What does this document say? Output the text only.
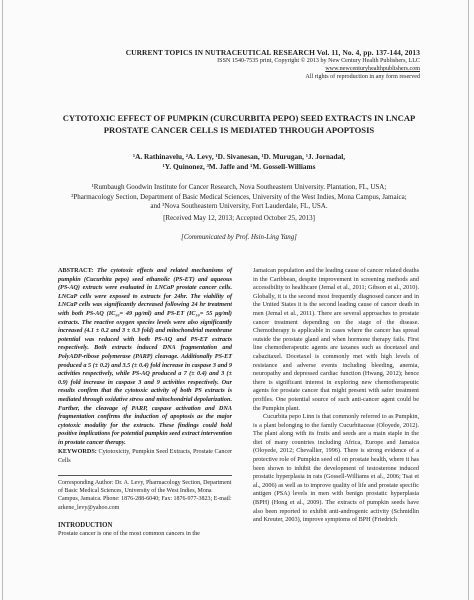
CURRENT TOPICS IN NUTRACEUTICAL RESEARCH Vol. 11, No. 4, pp. 137-144, 2013
ISSN 1540-7535 print, Copyright © 2013 by New Century Health Publishers, LLC
www.newcenturyhealthpublishers.com
All rights of reproduction in any form reserved
CYTOTOXIC EFFECT OF PUMPKIN (CURCURBITA PEPO) SEED EXTRACTS IN LNCAP
PROSTATE CANCER CELLS IS MEDIATED THROUGH APOPTOSIS
¹A. Rathinavelu, ²A. Levy, ¹D. Sivanesan, ¹D. Murugan, ¹J. Jornadal,
¹Y. Quinonez, ³M. Jaffe and ¹M. Gossell-Williams
¹Rumbaugh Goodwin Institute for Cancer Research, Nova Southeastern University. Plantation, FL, USA;
²Pharmacology Section, Department of Basic Medical Sciences, University of the West Indies, Mona Campus, Jamaica;
and ³Nova Southeastern University, Fort Lauderdale, FL, USA.
[Received May 12, 2013; Accepted October 25, 2013]
[Communicated by Prof. Hsin-Ling Yang]
ABSTRACT: The cytotoxic effects and related mechanisms of pumpkin (Cucurbita pepo) seed ethanolic (PS-ET) and aqueous (PS-AQ) extracts were evaluated in LNCaP prostate cancer cells. LNCaP cells were exposed to extracts for 24hr. The viability of LNCaP cells was significantly decreased following 24 hr treatment with both PS-AQ (IC₅₀= 49 μg/ml) and PS-ET (IC₅₀= 55 μg/ml) extracts. The reactive oxygen species levels were also significantly increased (4.1 ± 0.2 and 3 ± 0.3 fold) and mitochondrial membrane potential was reduced with both PS-AQ and PS-ET extracts respectively. Both extracts induced DNA fragmentation and PolyADP-ribose polymerase (PARP) cleavage. Additionally PS-ET produced a 5 (± 0.2) and 3.5 (± 0.4) fold increase in caspase 3 and 9 activities respectively, while PS-AQ produced a 7 (± 0.4) and 3 (± 0.9) fold increase in caspase 3 and 9 activities respectively. Our results confirm that the cytotoxic activity of both PS extracts is mediated through oxidative stress and mitochondrial depolarization. Further, the cleavage of PARP, caspase activation and DNA fragmentation confirms the induction of apoptosis as the major cytotoxic modality for the extracts. These findings could hold positive implications for potential pumpkin seed extract intervention in prostate cancer therapy.
KEYWORDS: Cytotoxicity, Pumpkin Seed Extracts, Prostate Cancer Cells
Corresponding Author: Dr. A. Levy, Pharmacology Section, Department of Basic Medical Sciences, University of the West Indies, Mona Campus, Jamaica. Phone: 1876-288-6040; Fax: 1876-977-3823; E-mail: arkene_levy@yahoo.com
INTRODUCTION

Prostate cancer is one of the most common cancers in the

Jamaican population and the leading cause of cancer related deaths in the Caribbean, despite improvement in screening methods and accessibility to healthcare (Jemal et al., 2011; Gibson et al., 2010). Globally, it is the second most frequently diagnosed cancer and in the United States it is the second leading cause of cancer death in men (Jemal et al., 2011). There are several approaches to prostate cancer treatment depending on the stage of the disease. Chemotherapy is applicable in cases where the cancer has spread outside the prostate gland and when hormone therapy fails. First line chemotherapeutic agents are taxanes such as docetaxel and cabazitaxel. Docetaxel is commonly met with high levels of resistance and adverse events including bleeding, anemia, neuropathy and depressed cardiac function (Hwang, 2012); hence there is significant interest in exploring new chemotherapeutic agents for prostate cancer that might present with safer treatment profiles. One potential source of such anti-cancer agent could be the Pumpkin plant.

Cucurbita pepo Linn is that commonly referred to as Pumpkin, is a plant belonging to the family Cucurbitaceae (Oloyede, 2012). The plant along with its fruits and seeds are a main staple in the diet of many countries including Africa, Europe and Jamaica (Oloyede, 2012; Chevallier, 1996). There is strong evidence of a protective role of Pumpkin seed oil on prostate health, where it has been shown to inhibit the development of testosterone induced prostatic hyperplasia in rats (Gossell-Williams et al., 2006; Tsai et al., 2006) as well as to improve quality of life and prostate specific antigen (PSA) levels in men with benign prostatic hyperplasia (BPH) (Hong et al., 2009). The extracts of pumpkin seeds have also been reported to exhibit anti-androgenic activity (Schmidlin and Kreuter, 2003), improve symptoms of BPH (Friedrich
